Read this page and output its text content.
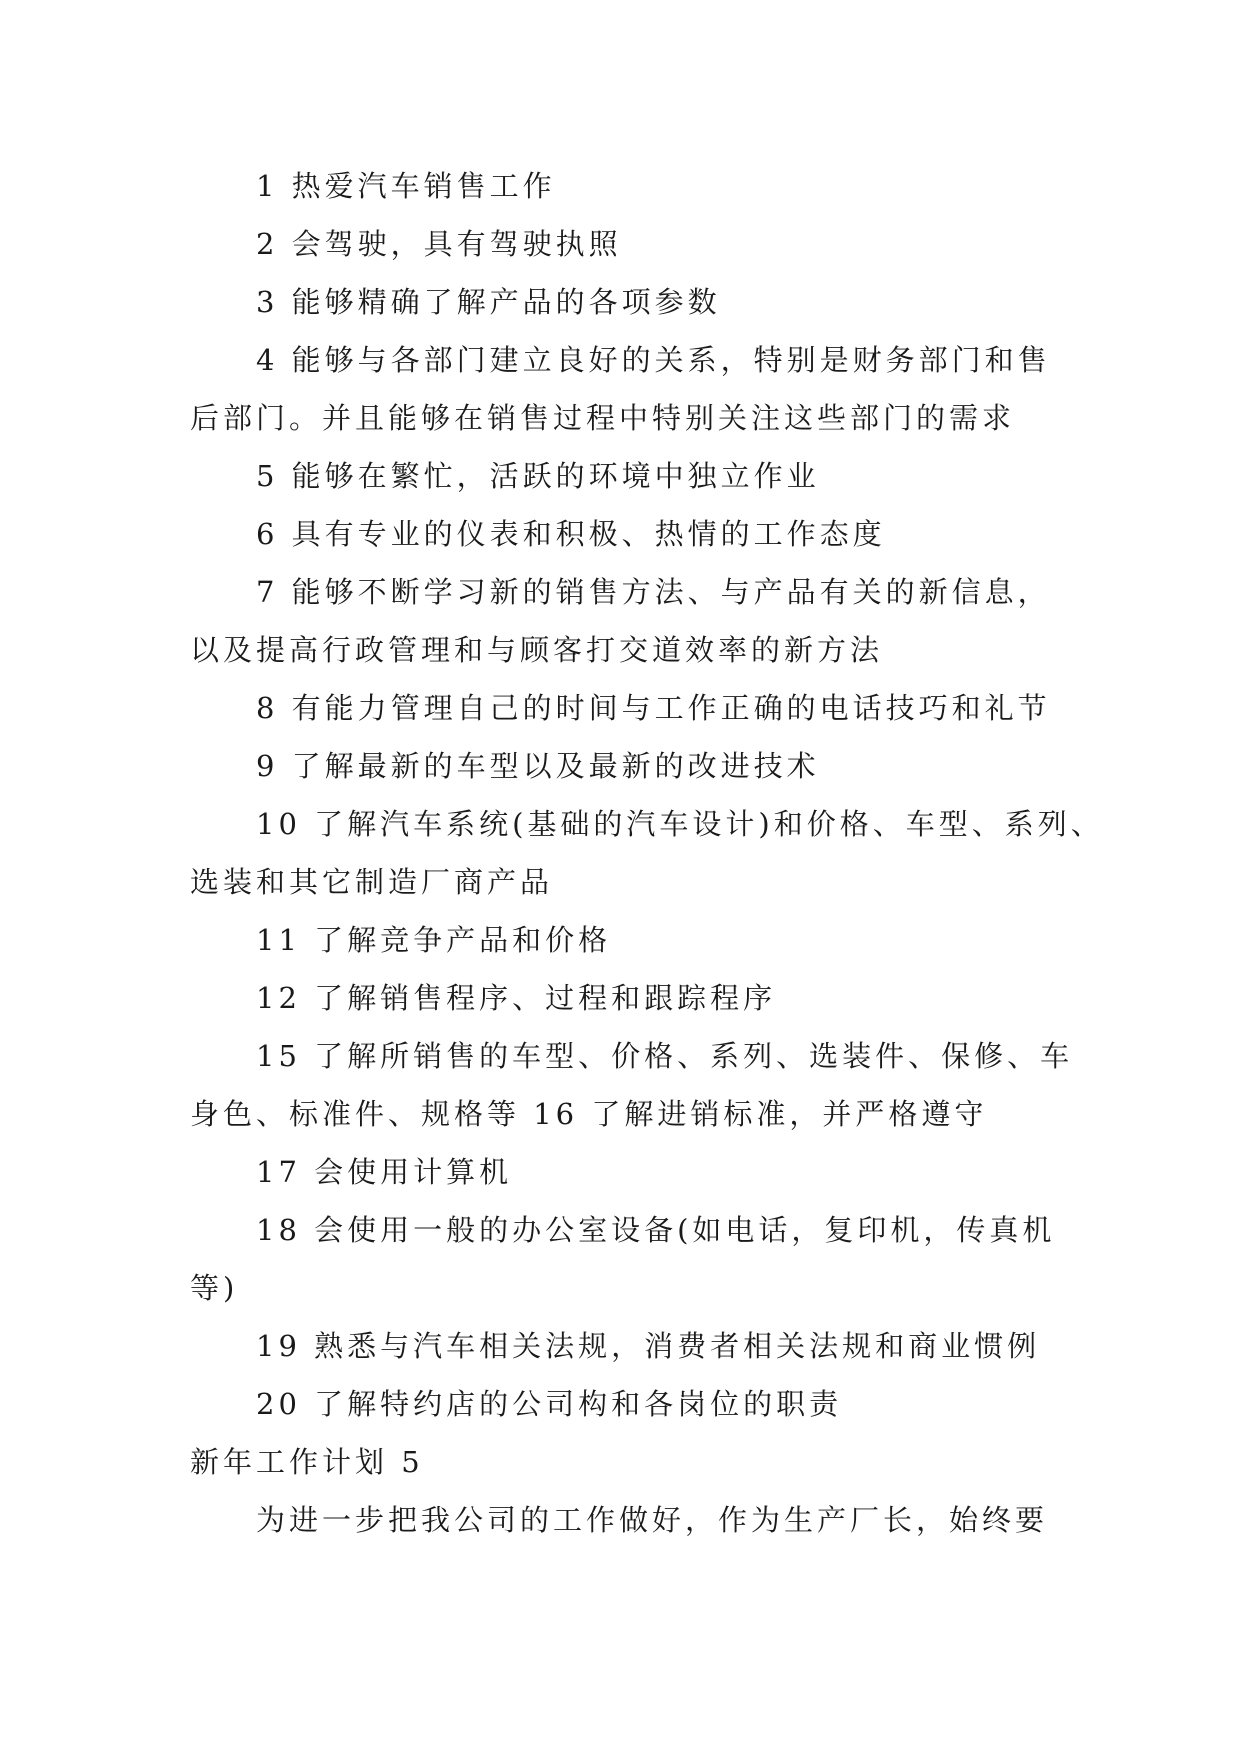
1 热爱汽车销售工作
2 会驾驶，具有驾驶执照
3 能够精确了解产品的各项参数
4 能够与各部门建立良好的关系，特别是财务部门和售
后部门。并且能够在销售过程中特别关注这些部门的需求
5 能够在繁忙，活跃的环境中独立作业
6 具有专业的仪表和积极、热情的工作态度
7 能够不断学习新的销售方法、与产品有关的新信息，
以及提高行政管理和与顾客打交道效率的新方法
8 有能力管理自己的时间与工作正确的电话技巧和礼节
9 了解最新的车型以及最新的改进技术
10 了解汽车系统(基础的汽车设计)和价格、车型、系列、
选装和其它制造厂商产品
11 了解竞争产品和价格
12 了解销售程序、过程和跟踪程序
15 了解所销售的车型、价格、系列、选装件、保修、车
身色、标准件、规格等 16 了解进销标准，并严格遵守
17 会使用计算机
18 会使用一般的办公室设备(如电话，复印机，传真机
等)
19 熟悉与汽车相关法规，消费者相关法规和商业惯例
20 了解特约店的公司构和各岗位的职责
新年工作计划 5
为进一步把我公司的工作做好，作为生产厂长，始终要
